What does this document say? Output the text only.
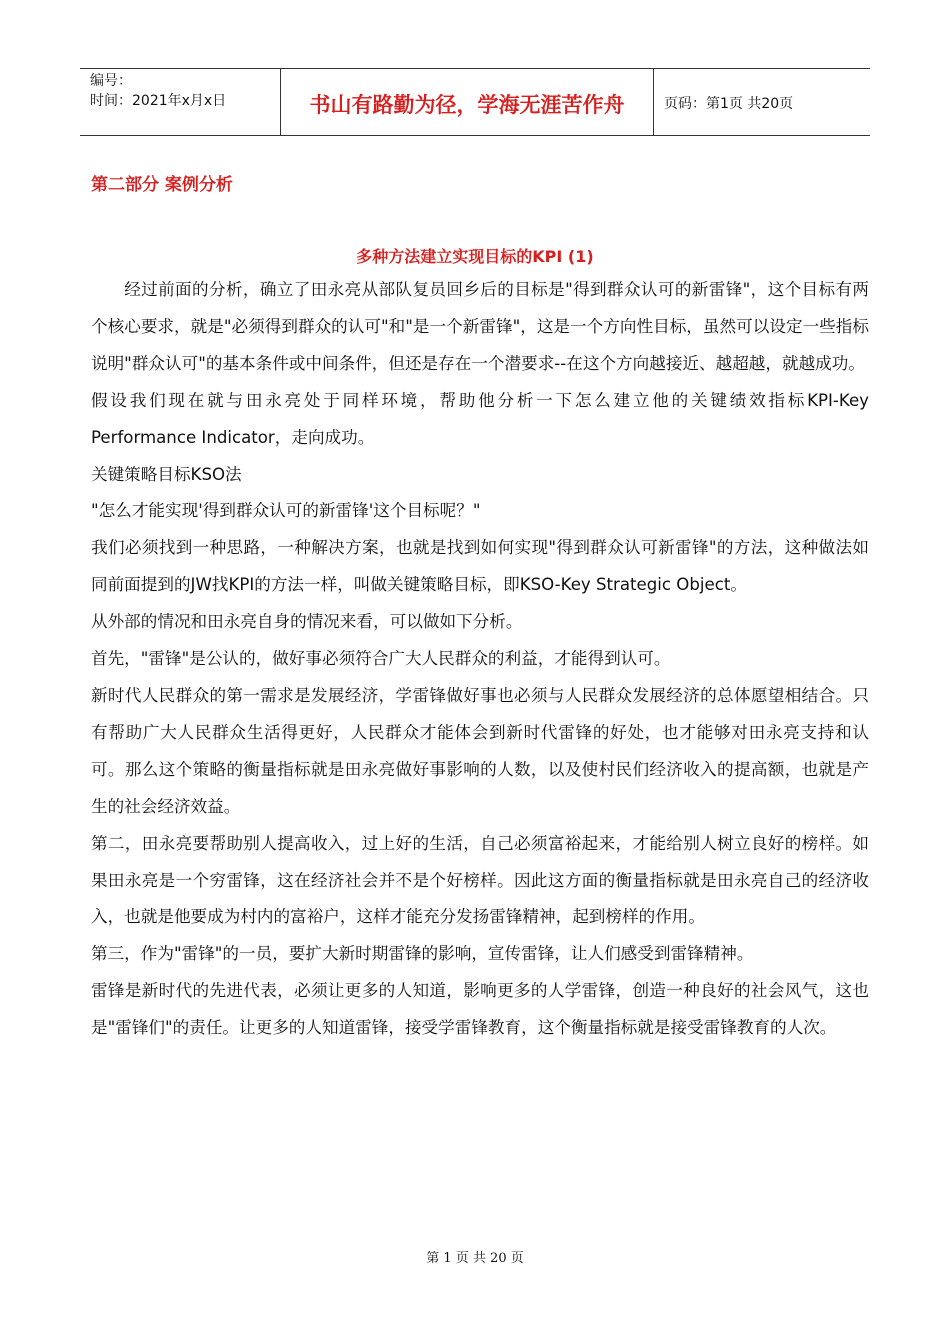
编号：
时间：2021年x月x日	书山有路勤为径，学海无涯苦作舟	页码：第1页 共20页
第二部分 案例分析
多种方法建立实现目标的KPI (1)

经过前面的分析，确立了田永亮从部队复员回乡后的目标是"得到群众认可的新雷锋"，这个目标有两个核心要求，就是"必须得到群众的认可"和"是一个新雷锋"，这是一个方向性目标，虽然可以设定一些指标说明"群众认可"的基本条件或中间条件，但还是存在一个潜要求--在这个方向越接近、越超越，就越成功。

假设我们现在就与田永亮处于同样环境，帮助他分析一下怎么建立他的关键绩效指标KPI-Key Performance Indicator，走向成功。

关键策略目标KSO法

"怎么才能实现'得到群众认可的新雷锋'这个目标呢？"

我们必须找到一种思路，一种解决方案，也就是找到如何实现"得到群众认可新雷锋"的方法，这种做法如同前面提到的JW找KPI的方法一样，叫做关键策略目标，即KSO-Key Strategic Object。

从外部的情况和田永亮自身的情况来看，可以做如下分析。

首先，"雷锋"是公认的，做好事必须符合广大人民群众的利益，才能得到认可。

新时代人民群众的第一需求是发展经济，学雷锋做好事也必须与人民群众发展经济的总体愿望相结合。只有帮助广大人民群众生活得更好，人民群众才能体会到新时代雷锋的好处，也才能够对田永亮支持和认可。那么这个策略的衡量指标就是田永亮做好事影响的人数，以及使村民们经济收入的提高额，也就是产生的社会经济效益。

第二，田永亮要帮助别人提高收入，过上好的生活，自己必须富裕起来，才能给别人树立良好的榜样。如果田永亮是一个穷雷锋，这在经济社会并不是个好榜样。因此这方面的衡量指标就是田永亮自己的经济收入，也就是他要成为村内的富裕户，这样才能充分发扬雷锋精神，起到榜样的作用。

第三，作为"雷锋"的一员，要扩大新时期雷锋的影响，宣传雷锋，让人们感受到雷锋精神。

雷锋是新时代的先进代表，必须让更多的人知道，影响更多的人学雷锋，创造一种良好的社会风气，这也是"雷锋们"的责任。让更多的人知道雷锋，接受学雷锋教育，这个衡量指标就是接受雷锋教育的人次。

第 1 页 共 20 页
